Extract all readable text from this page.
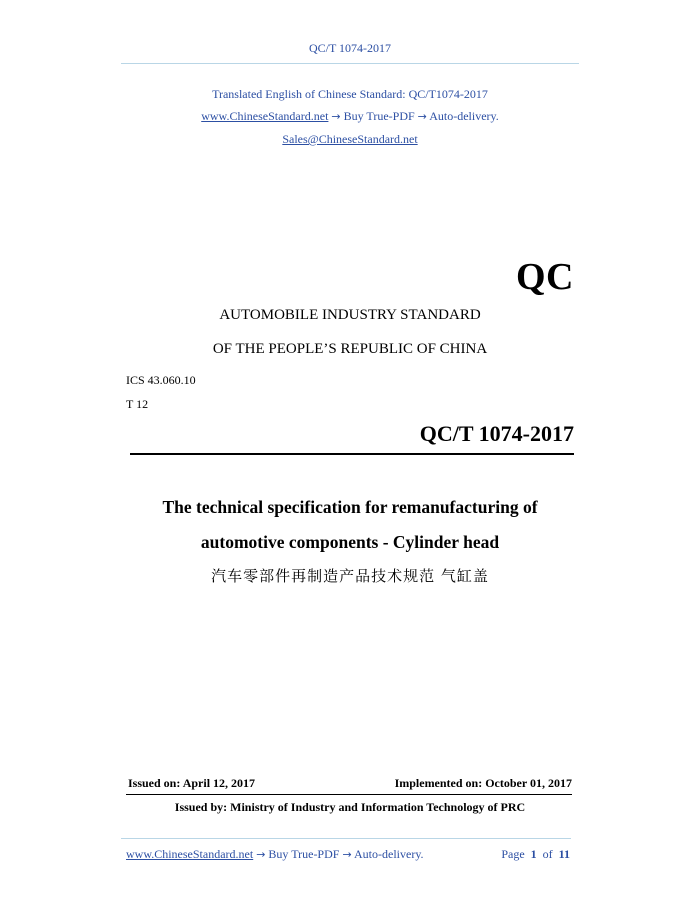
QC/T 1074-2017
Translated English of Chinese Standard: QC/T1074-2017
www.ChineseStandard.net → Buy True-PDF → Auto-delivery.
Sales@ChineseStandard.net
QC
AUTOMOBILE INDUSTRY STANDARD
OF THE PEOPLE’S REPUBLIC OF CHINA
ICS 43.060.10
T 12
QC/T 1074-2017
The technical specification for remanufacturing of
automotive components - Cylinder head
汽车零部件再制造产品技术规范 气缸盖
Issued on: April 12, 2017	Implemented on: October 01, 2017
Issued by: Ministry of Industry and Information Technology of PRC
www.ChineseStandard.net → Buy True-PDF → Auto-delivery.	Page 1 of 11
